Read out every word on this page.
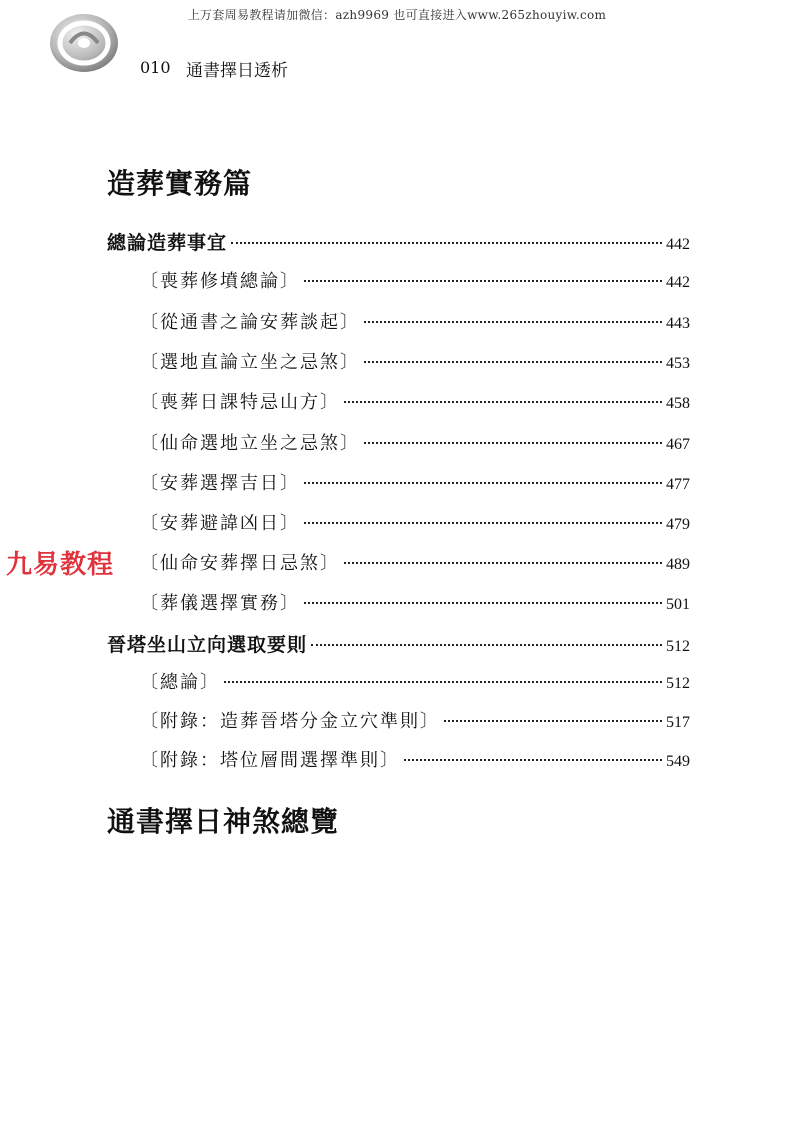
上万套周易教程请加微信：azh9969 也可直接进入www.265zhouyiw.com
010 通書擇日透析
造葬實務篇
總論造葬事宜	442
〔喪葬修墳總論〕	442
〔從通書之論安葬談起〕	443
〔選地直論立坐之忌煞〕	453
〔喪葬日課特忌山方〕	458
〔仙命選地立坐之忌煞〕	467
〔安葬選擇吉日〕	477
〔安葬避諱凶日〕	479
〔仙命安葬擇日忌煞〕	489
〔葬儀選擇實務〕	501
晉塔坐山立向選取要則	512
〔總論〕	512
〔附錄：造葬晉塔分金立穴準則〕	517
〔附錄：塔位層間選擇準則〕	549
通書擇日神煞總覽
九易教程
